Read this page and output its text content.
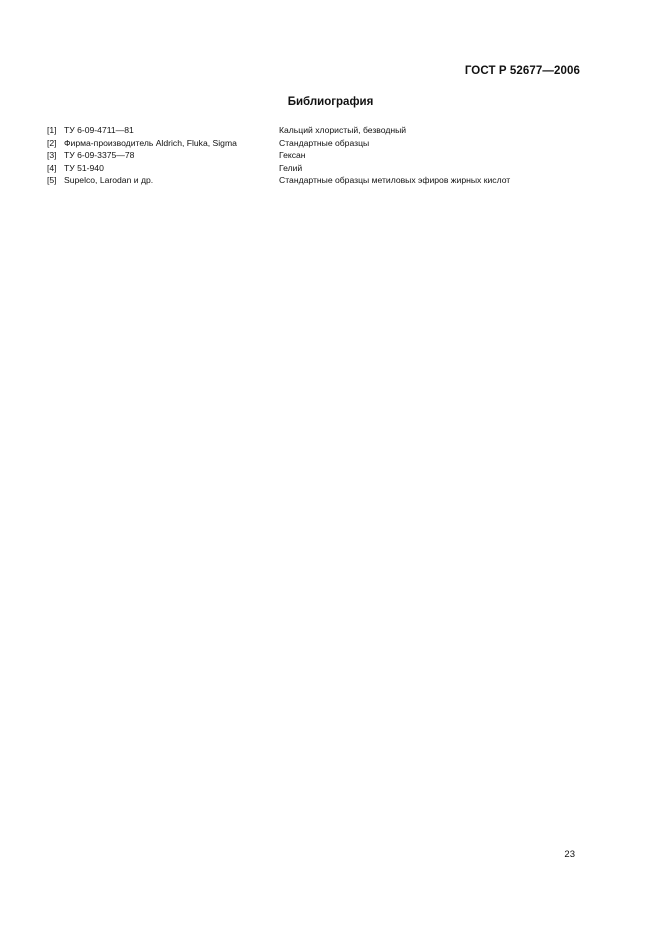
ГОСТ Р 52677—2006
Библиография
[1] ТУ 6-09-4711—81	Кальций хлористый, безводный
[2] Фирма-производитель Aldrich, Fluka, Sigma	Стандартные образцы
[3] ТУ 6-09-3375—78	Гексан
[4] ТУ 51-940	Гелий
[5] Supelco, Larodan и др.	Стандартные образцы метиловых эфиров жирных кислот
23
